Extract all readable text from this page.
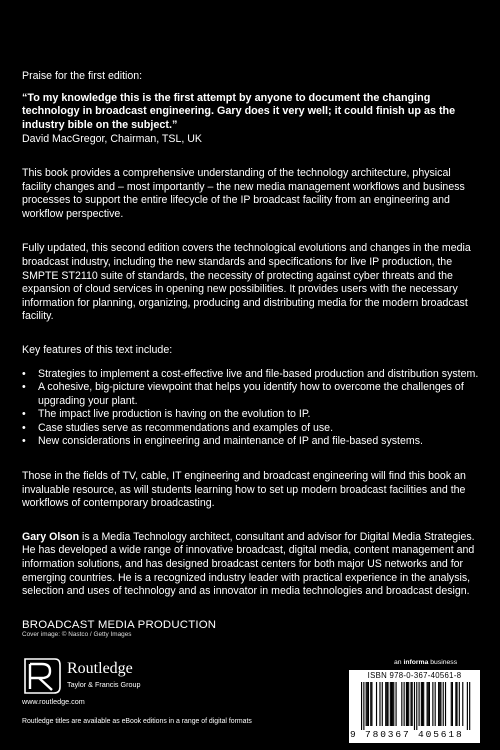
Praise for the first edition:

“To my knowledge this is the first attempt by anyone to document the changing technology in broadcast engineering. Gary does it very well; it could finish up as the industry bible on the subject.”

David MacGregor, Chairman, TSL, UK

This book provides a comprehensive understanding of the technology architecture, physical facility changes and – most importantly – the new media management workflows and business processes to support the entire lifecycle of the IP broadcast facility from an engineering and workflow perspective.

Fully updated, this second edition covers the technological evolutions and changes in the media broadcast industry, including the new standards and specifications for live IP production, the SMPTE ST2110 suite of standards, the necessity of protecting against cyber threats and the expansion of cloud services in opening new possibilities. It provides users with the necessary information for planning, organizing, producing and distributing media for the modern broadcast facility.

Key features of this text include:

•	Strategies to implement a cost-effective live and file-based production and distribution system.
•	A cohesive, big-picture viewpoint that helps you identify how to overcome the challenges of upgrading your plant.
•	The impact live production is having on the evolution to IP.
•	Case studies serve as recommendations and examples of use.
•	New considerations in engineering and maintenance of IP and file-based systems.

Those in the fields of TV, cable, IT engineering and broadcast engineering will find this book an invaluable resource, as will students learning how to set up modern broadcast facilities and the workflows of contemporary broadcasting.

Gary Olson is a Media Technology architect, consultant and advisor for Digital Media Strategies. He has developed a wide range of innovative broadcast, digital media, content management and information solutions, and has designed broadcast centers for both major US networks and for emerging countries. He is a recognized industry leader with practical experience in the analysis, selection and uses of technology and as innovator in media technologies and broadcast design.

BROADCAST MEDIA PRODUCTION

Cover image: © Nastco / Getty Images
Routledge
Taylor & Francis Group
www.routledge.com
Routledge titles are available as eBook editions in a range of digital formats
an informa business
ISBN 978-0-367-40561-8
9 780367 405618
